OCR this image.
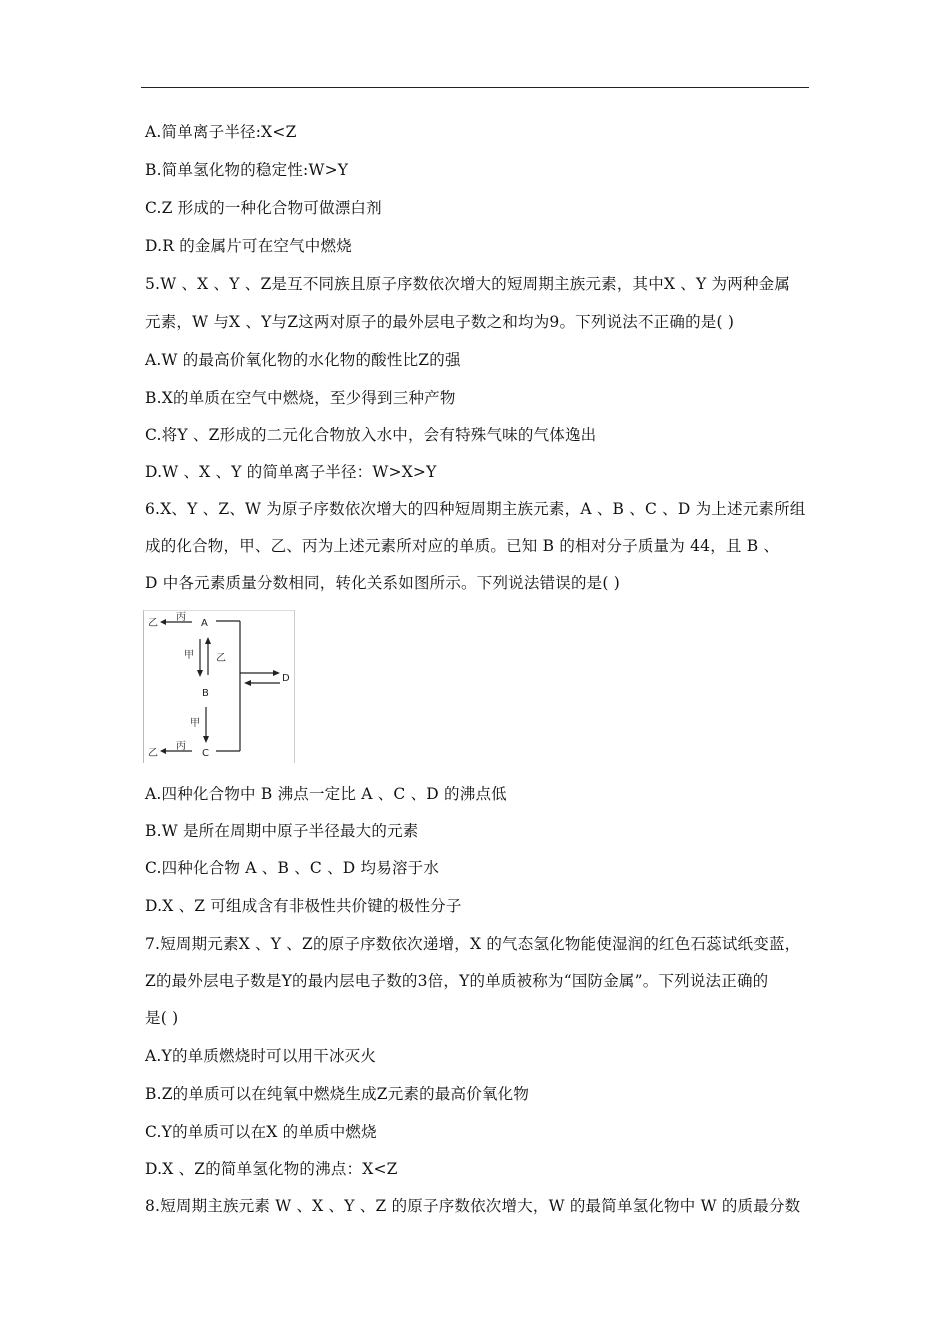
A.简单离子半径:X<Z
B.简单氢化物的稳定性:W>Y
C.Z 形成的一种化合物可做漂白剂
D.R 的金属片可在空气中燃烧
5.W 、X 、Y 、Z是互不同族且原子序数依次增大的短周期主族元素，其中X 、Y 为两种金属
元素，W 与X 、Y与Z这两对原子的最外层电子数之和均为9。下列说法不正确的是( )
A.W 的最高价氧化物的水化物的酸性比Z的强
B.X的单质在空气中燃烧，至少得到三种产物
C.将Y 、Z形成的二元化合物放入水中，会有特殊气味的气体逸出
D.W 、X 、Y 的简单离子半径：W>X>Y
6.X、Y 、Z、W 为原子序数依次增大的四种短周期主族元素，A 、B 、C 、D 为上述元素所组
成的化合物，甲、乙、丙为上述元素所对应的单质。已知 B 的相对分子质量为 44，且 B 、
D 中各元素质量分数相同，转化关系如图所示。下列说法错误的是( )
乙
丙
A
甲 乙
B
甲
乙
丙
C
D
A.四种化合物中 B 沸点一定比 A 、C 、D 的沸点低
B.W 是所在周期中原子半径最大的元素
C.四种化合物 A 、B 、C 、D 均易溶于水
D.X 、Z 可组成含有非极性共价键的极性分子
7.短周期元素X 、Y 、Z的原子序数依次递增，X 的气态氢化物能使湿润的红色石蕊试纸变蓝，
Z的最外层电子数是Y的最内层电子数的3倍，Y的单质被称为“国防金属”。下列说法正确的
是( )
A.Y的单质燃烧时可以用干冰灭火
B.Z的单质可以在纯氧中燃烧生成Z元素的最高价氧化物
C.Y的单质可以在X 的单质中燃烧
D.X 、Z的简单氢化物的沸点：X<Z
8.短周期主族元素 W 、X 、Y 、Z 的原子序数依次增大，W 的最简单氢化物中 W 的质最分数
